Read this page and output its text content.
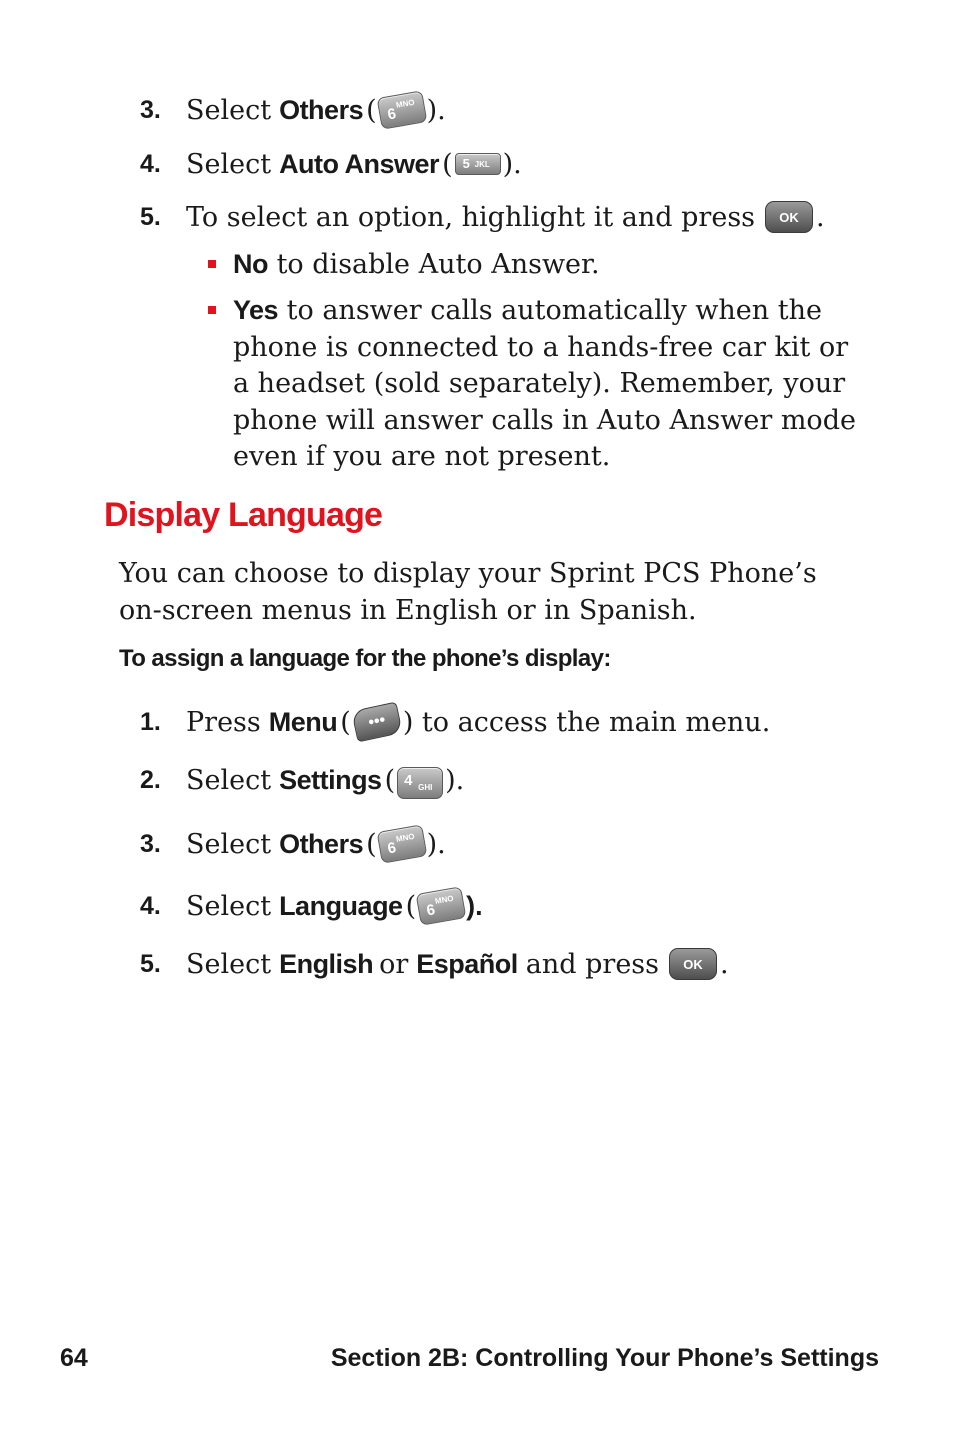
3. Select Others ( 6
MNO ).
4. Select Auto Answer ( 5 JKL ).
5. To select an option, highlight it and press	OK .
No to disable Auto Answer.
Yes to answer calls automatically when the phone is connected to a hands-free car kit or a headset (sold separately). Remember, your phone will answer calls in Auto Answer mode even if you are not present.
Display Language

You can choose to display your Sprint PCS Phone’s on-screen menus in English or in Spanish.

To assign a language for the phone’s display:

1. Press Menu ( ••• ) to access the main menu.
2. Select Settings ( 4 GHI ).
3. Select Others ( 6
MNO ).
4. Select Language ( 6
MNO ).
5. Select English or Español and press	OK .
64	Section 2B: Controlling Your Phone’s Settings
